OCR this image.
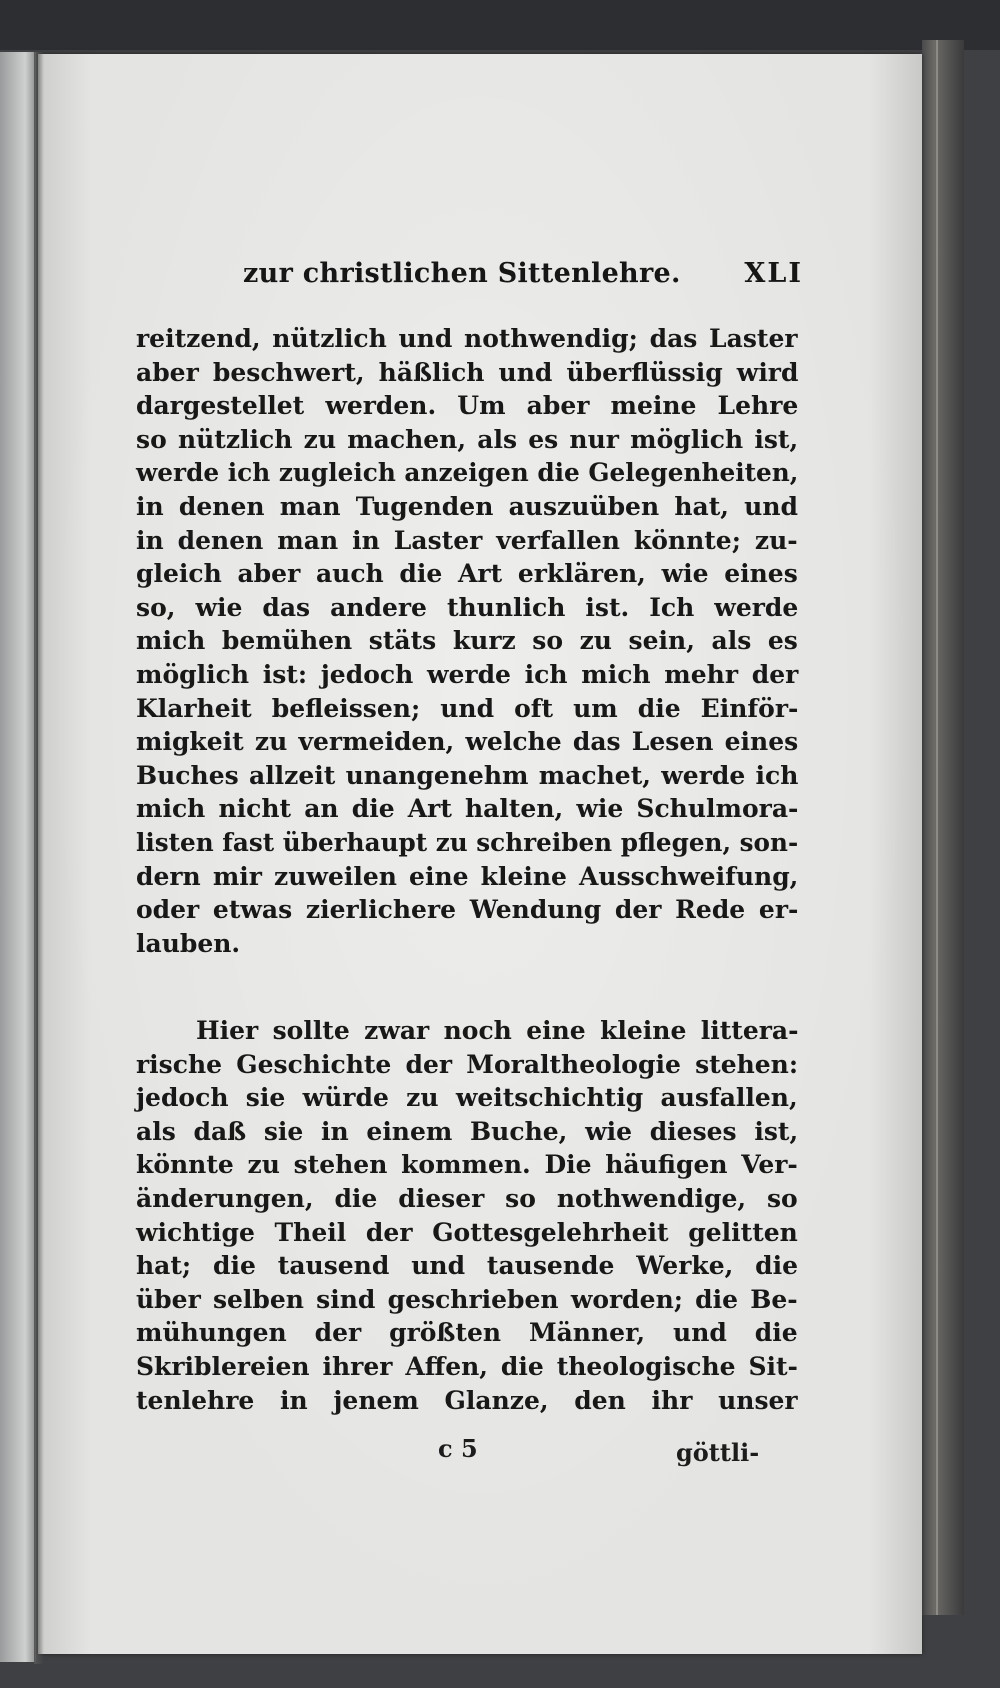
zur christlichen Sittenlehre. XLI
reitzend, nützlich und nothwendig; das Laster
aber beschwert, häßlich und überflüssig wird
dargestellet werden. Um aber meine Lehre
so nützlich zu machen, als es nur möglich ist,
werde ich zugleich anzeigen die Gelegenheiten,
in denen man Tugenden auszuüben hat, und
in denen man in Laster verfallen könnte; zu-
gleich aber auch die Art erklären, wie eines
so, wie das andere thunlich ist. Ich werde
mich bemühen stäts kurz so zu sein, als es
möglich ist: jedoch werde ich mich mehr der
Klarheit befleissen; und oft um die Einför-
migkeit zu vermeiden, welche das Lesen eines
Buches allzeit unangenehm machet, werde ich
mich nicht an die Art halten, wie Schulmora-
listen fast überhaupt zu schreiben pflegen, son-
dern mir zuweilen eine kleine Ausschweifung,
oder etwas zierlichere Wendung der Rede er-
lauben.
Hier sollte zwar noch eine kleine littera-
rische Geschichte der Moraltheologie stehen:
jedoch sie würde zu weitschichtig ausfallen,
als daß sie in einem Buche, wie dieses ist,
könnte zu stehen kommen. Die häufigen Ver-
änderungen, die dieser so nothwendige, so
wichtige Theil der Gottesgelehrheit gelitten
hat; die tausend und tausende Werke, die
über selben sind geschrieben worden; die Be-
mühungen der größten Männer, und die
Skriblereien ihrer Affen, die theologische Sit-
tenlehre in jenem Glanze, den ihr unser
c 5	göttli-
